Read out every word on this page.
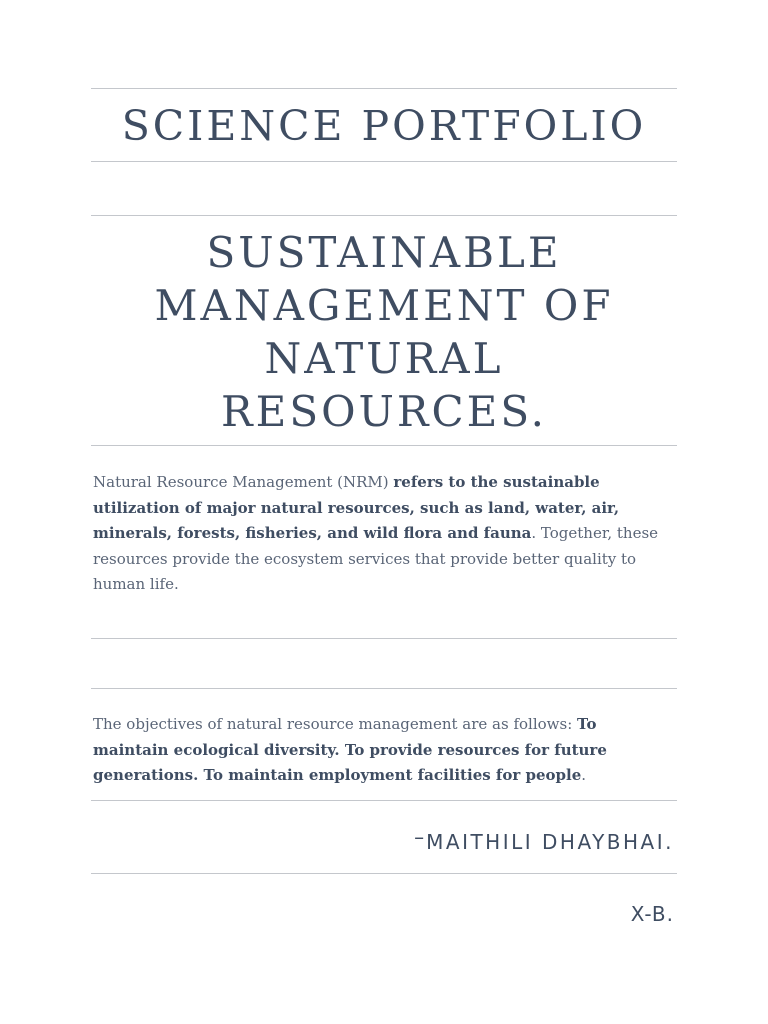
SCIENCE PORTFOLIO
SUSTAINABLE
MANAGEMENT OF
NATURAL
RESOURCES.

Natural Resource Management (NRM) refers to the sustainable utilization of major natural resources, such as land, water, air, minerals, forests, fisheries, and wild flora and fauna. Together, these resources provide the ecosystem services that provide better quality to human life.

The objectives of natural resource management are as follows: To maintain ecological diversity. To provide resources for future generations. To maintain employment facilities for people.

– MAITHILI DHAYBHAI.
X-B.
